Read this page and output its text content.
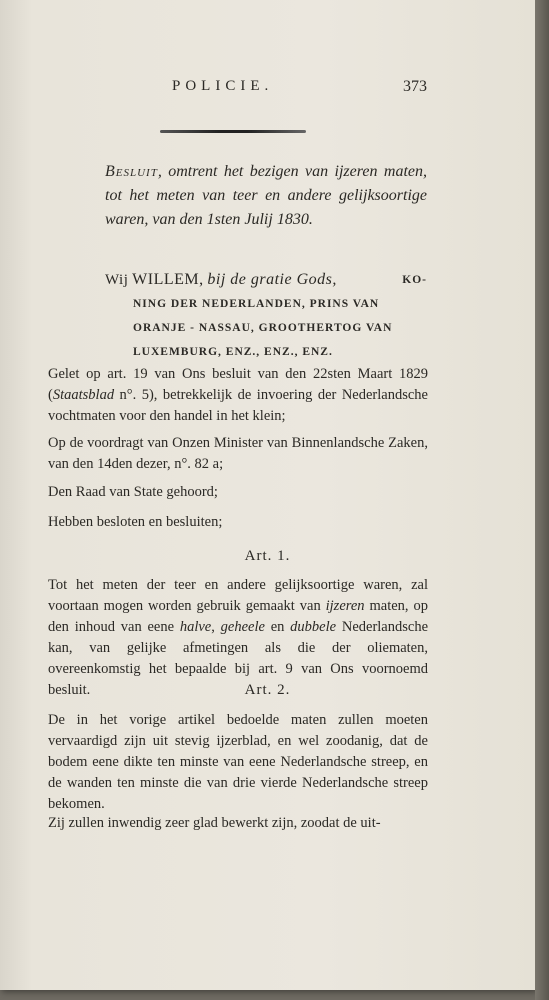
POLICIE.	373
Besluit, omtrent het bezigen van ijzeren maten, tot het meten van teer en andere gelijksoortige waren, van den 1sten Julij 1830.
Wij WILLEM, bij de gratie Gods,	KO-
NING DER NEDERLANDEN, PRINS VAN
ORANJE - NASSAU, GROOTHERTOG VAN
LUXEMBURG, ENZ., ENZ., ENZ.
Gelet op art. 19 van Ons besluit van den 22sten Maart 1829 (Staatsblad n°. 5), betrekkelijk de invoering der Nederlandsche vochtmaten voor den handel in het klein;
Op de voordragt van Onzen Minister van Binnenlandsche Zaken, van den 14den dezer, n°. 82 a;
Den Raad van State gehoord;
Hebben besloten en besluiten;
Art. 1.
Tot het meten der teer en andere gelijksoortige waren, zal voortaan mogen worden gebruik gemaakt van ijzeren maten, op den inhoud van eene halve, geheele en dubbele Nederlandsche kan, van gelijke afmetingen als die der oliematen, overeenkomstig het bepaalde bij art. 9 van Ons voornoemd besluit.	Art. 2.
De in het vorige artikel bedoelde maten zullen moeten vervaardigd zijn uit stevig ijzerblad, en wel zoodanig, dat de bodem eene dikte ten minste van eene Nederlandsche streep, en de wanden ten minste die van drie vierde Nederlandsche streep bekomen.
Zij zullen inwendig zeer glad bewerkt zijn, zoodat de uit-
